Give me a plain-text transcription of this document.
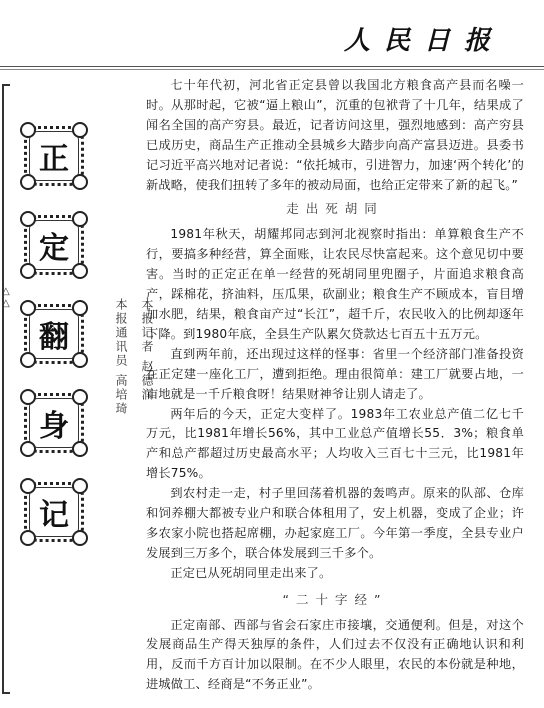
人民日报
△
△
正
定
翻
身
记
本报记者 赵德润
本报通讯员 高培琦

七十年代初，河北省正定县曾以我国北方粮食高产县而名噪一时。从那时起，它被“逼上粮山”，沉重的包袱背了十几年，结果成了闻名全国的高产穷县。最近，记者访问这里，强烈地感到：高产穷县已成历史，商品生产正推动全县城乡大踏步向高产富县迈进。县委书记习近平高兴地对记者说：“依托城市，引进智力，加速‘两个转化’的新战略，使我们扭转了多年的被动局面，也给正定带来了新的起飞。”

走出死胡同

1981年秋天，胡耀邦同志到河北视察时指出：单算粮食生产不行，要搞多种经营，算全面账，让农民尽快富起来。这个意见切中要害。当时的正定正在单一经营的死胡同里兜圈子，片面追求粮食高产，踩棉花，挤油料，压瓜果，砍副业；粮食生产不顾成本，盲目增加水肥，结果，粮食亩产过“长江”，超千斤，农民收入的比例却逐年下降。到1980年底，全县生产队累欠贷款达七百五十五万元。

直到两年前，还出现过这样的怪事：省里一个经济部门准备投资在正定建一座化工厂，遭到拒绝。理由很简单：建工厂就要占地，一亩地就是一千斤粮食呀！结果财神爷让别人请走了。

两年后的今天，正定大变样了。1983年工农业总产值二亿七千万元，比1981年增长56%，其中工业总产值增长55．3%；粮食单产和总产都超过历史最高水平；人均收入三百七十三元，比1981年增长75%。

到农村走一走，村子里回荡着机器的轰鸣声。原来的队部、仓库和饲养棚大都被专业户和联合体租用了，安上机器，变成了企业；许多农家小院也搭起席棚，办起家庭工厂。今年第一季度，全县专业户发展到三万多个，联合体发展到三千多个。

正定已从死胡同里走出来了。

“二十字经”

正定南部、西部与省会石家庄市接壤，交通便利。但是，对这个发展商品生产得天独厚的条件，人们过去不仅没有正确地认识和利用，反而千方百计加以限制。在不少人眼里，农民的本份就是种地，进城做工、经商是“不务正业”。
